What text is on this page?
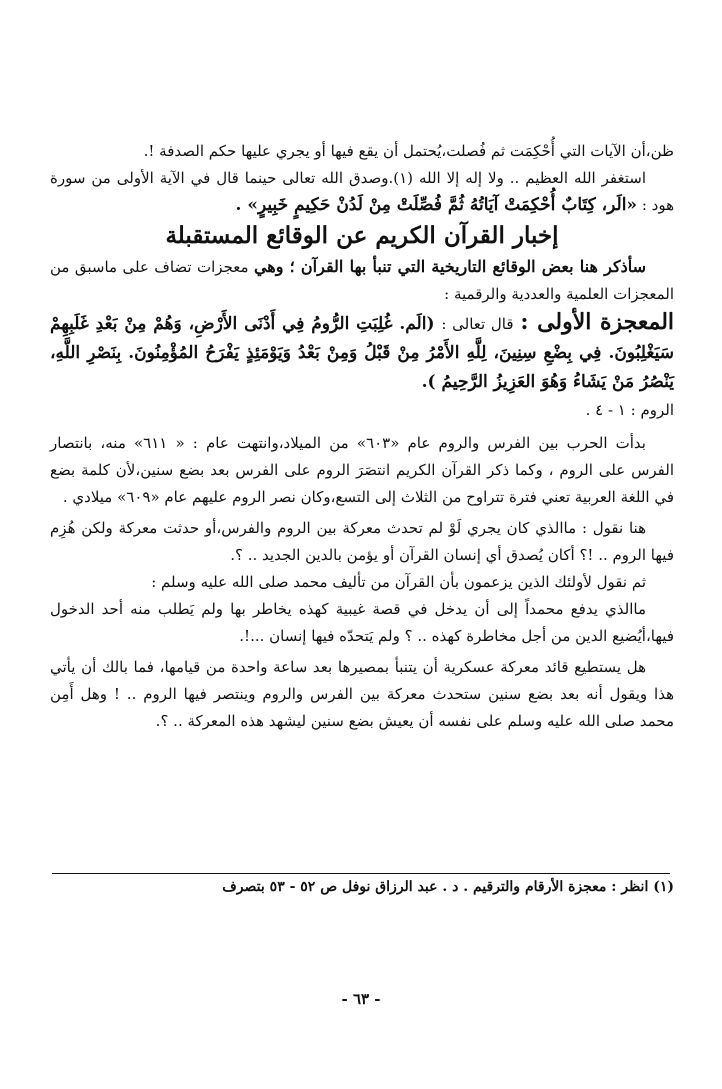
ظن،أن الآيات التي أُحْكِمَت ثم فُصلت،يُحتمل أن يقع فيها أو يجري عليها حكم الصدفة !.

استغفر الله العظيم .. ولا إله إلا الله (١).وصدق الله تعالى حينما قال في الآية الأولى من سورة هود : «الَر، كِتَابٌ أُحْكِمَتْ آيَاتُهُ ثُمَّ فُصِّلَتْ مِنْ لَدُنْ حَكِيمٍ خَبِيرٍ» .

إخبار القرآن الكريم عن الوقائع المستقبلة

سأذكر هنا بعض الوقائع التاريخية التي تنبأ بها القرآن ؛ وهي معجزات تضاف على ماسبق من المعجزات العلمية والعددية والرقمية :

المعجزة الأولى : قال تعالى : (الَم. غُلِبَتِ الرُّومُ فِي أَدْنَى الأَرْضِ، وَهُمْ مِنْ بَعْدِ غَلَبِهِمْ سَيَغْلِبُونَ. فِي بِضْعِ سِنِينَ، لِلَّهِ الأَمْرُ مِنْ قَبْلُ وَمِنْ بَعْدُ وَيَوْمَئِذٍ يَفْرَحُ المُؤْمِنُونَ. بِنَصْرِ اللَّهِ، يَنْصُرُ مَنْ يَشَاءُ وَهُوَ العَزِيزُ الرَّحِيمُ ).

الروم : ١ - ٤ .

بدأت الحرب بين الفرس والروم عام «٦٠٣» من الميلاد،وانتهت عام : « ٦١١» منه، بانتصار الفرس على الروم ، وكما ذكر القرآن الكريم انتصَرَ الروم على الفرس بعد بضع سنين،لأن كلمة بضع في اللغة العربية تعني فترة تتراوح من الثلاث إلى التسع،وكان نصر الروم عليهم عام «٦٠٩» ميلادي .

هنا نقول : ماالذي كان يجري لَوْ لم تحدث معركة بين الروم والفرس،أو حدثت معركة ولكن هُزِم فيها الروم .. !؟ أكان يُصدق أي إنسان القرآن أو يؤمن بالدين الجديد .. ؟.

ثم نقول لأولئك الذين يزعمون بأن القرآن من تأليف محمد صلى الله عليه وسلم :

ماالذي يدفع محمداً إلى أن يدخل في قصة غيبية كهذه يخاطر بها ولم يَطلب منه أحد الدخول فيها،أيُضيع الدين من أجل مخاطرة كهذه .. ؟ ولم يَتحدّه فيها إنسان ...!.

هل يستطيع قائد معركة عسكرية أن يتنبأ بمصيرها بعد ساعة واحدة من قيامها، فما بالك أن يأتي هذا ويقول أنه بعد بضع سنين ستحدث معركة بين الفرس والروم وينتصر فيها الروم .. ! وهل أَمِن محمد صلى الله عليه وسلم على نفسه أن يعيش بضع سنين ليشهد هذه المعركة .. ؟.

(١) انظر : معجزة الأرقام والترقيم . د . عبد الرزاق نوفل ص ٥٢ - ٥٣ بتصرف

- ٦٣ -
